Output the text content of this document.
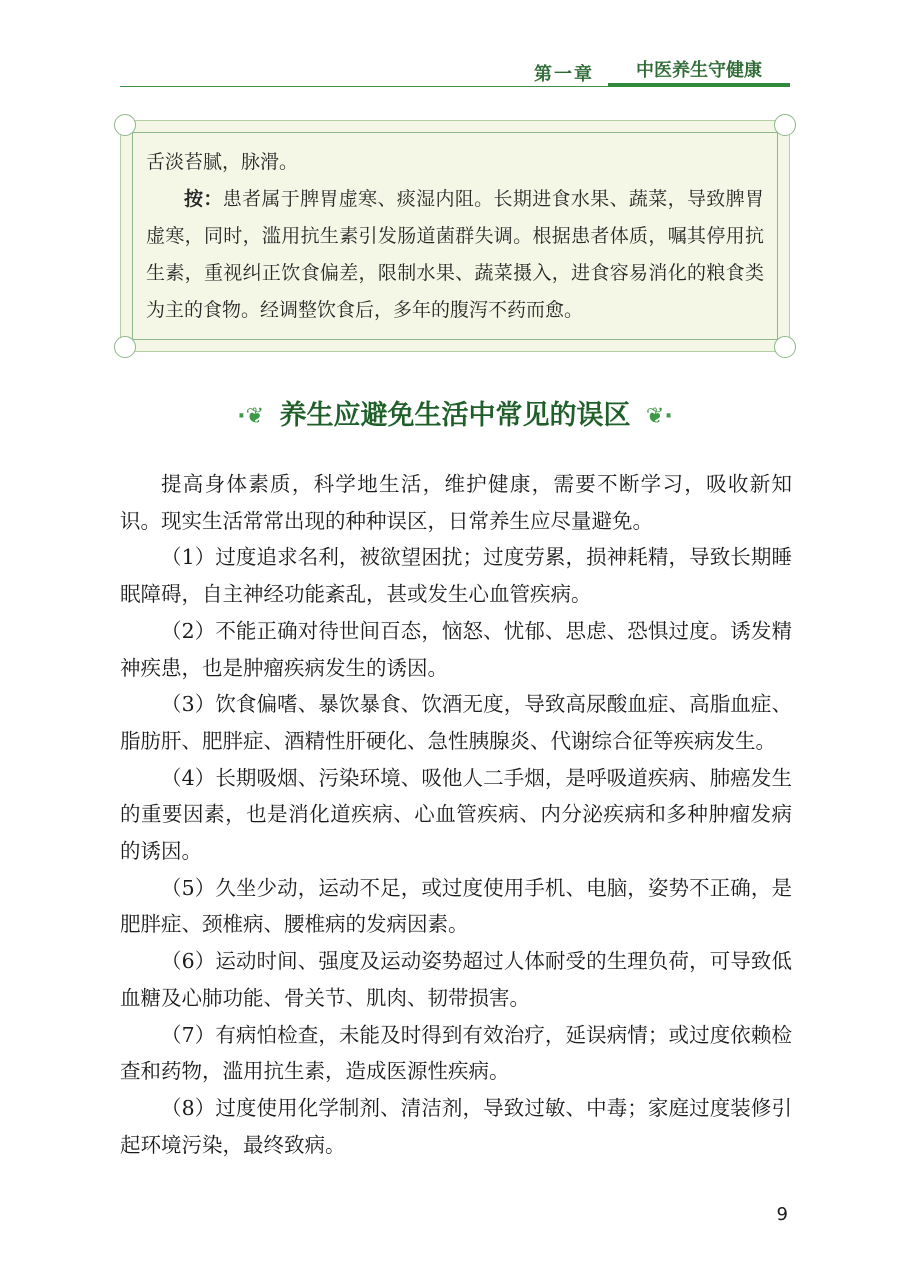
第一章	中医养生守健康

舌淡苔腻，脉滑。

按：患者属于脾胃虚寒、痰湿内阻。长期进食水果、蔬菜，导致脾胃虚寒，同时，滥用抗生素引发肠道菌群失调。根据患者体质，嘱其停用抗生素，重视纠正饮食偏差，限制水果、蔬菜摄入，进食容易消化的粮食类为主的食物。经调整饮食后，多年的腹泻不药而愈。

·❦ 养生应避免生活中常见的误区 ❦·

提高身体素质，科学地生活，维护健康，需要不断学习，吸收新知识。现实生活常常出现的种种误区，日常养生应尽量避免。

（1）过度追求名利，被欲望困扰；过度劳累，损神耗精，导致长期睡眠障碍，自主神经功能紊乱，甚或发生心血管疾病。

（2）不能正确对待世间百态，恼怒、忧郁、思虑、恐惧过度。诱发精神疾患，也是肿瘤疾病发生的诱因。

（3）饮食偏嗜、暴饮暴食、饮酒无度，导致高尿酸血症、高脂血症、脂肪肝、肥胖症、酒精性肝硬化、急性胰腺炎、代谢综合征等疾病发生。

（4）长期吸烟、污染环境、吸他人二手烟，是呼吸道疾病、肺癌发生的重要因素，也是消化道疾病、心血管疾病、内分泌疾病和多种肿瘤发病的诱因。

（5）久坐少动，运动不足，或过度使用手机、电脑，姿势不正确，是肥胖症、颈椎病、腰椎病的发病因素。

（6）运动时间、强度及运动姿势超过人体耐受的生理负荷，可导致低血糖及心肺功能、骨关节、肌肉、韧带损害。

（7）有病怕检查，未能及时得到有效治疗，延误病情；或过度依赖检查和药物，滥用抗生素，造成医源性疾病。

（8）过度使用化学制剂、清洁剂，导致过敏、中毒；家庭过度装修引起环境污染，最终致病。

9
